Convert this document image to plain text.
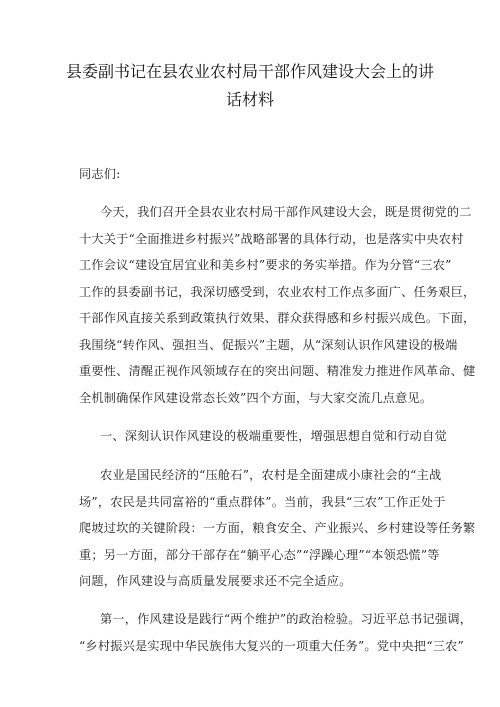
县委副书记在县农业农村局干部作风建设大会上的讲
话材料
同志们:
今天，我们召开全县农业农村局干部作风建设大会，既是贯彻党的二
十大关于“全面推进乡村振兴”战略部署的具体行动，也是落实中央农村
工作会议“建设宜居宜业和美乡村”要求的务实举措。作为分管“三农”
工作的县委副书记，我深切感受到，农业农村工作点多面广、任务艰巨，
干部作风直接关系到政策执行效果、群众获得感和乡村振兴成色。下面，
我围绕“转作风、强担当、促振兴”主题，从“深刻认识作风建设的极端
重要性、清醒正视作风领域存在的突出问题、精准发力推进作风革命、健
全机制确保作风建设常态长效”四个方面，与大家交流几点意见。
一、深刻认识作风建设的极端重要性，增强思想自觉和行动自觉
农业是国民经济的“压舱石”，农村是全面建成小康社会的“主战
场”，农民是共同富裕的“重点群体”。当前，我县“三农”工作正处于
爬坡过坎的关键阶段：一方面，粮食安全、产业振兴、乡村建设等任务繁
重；另一方面，部分干部存在“躺平心态”“浮躁心理”“本领恐慌”等
问题，作风建设与高质量发展要求还不完全适应。
第一，作风建设是践行“两个维护”的政治检验。习近平总书记强调，
“乡村振兴是实现中华民族伟大复兴的一项重大任务”。党中央把“三农”
